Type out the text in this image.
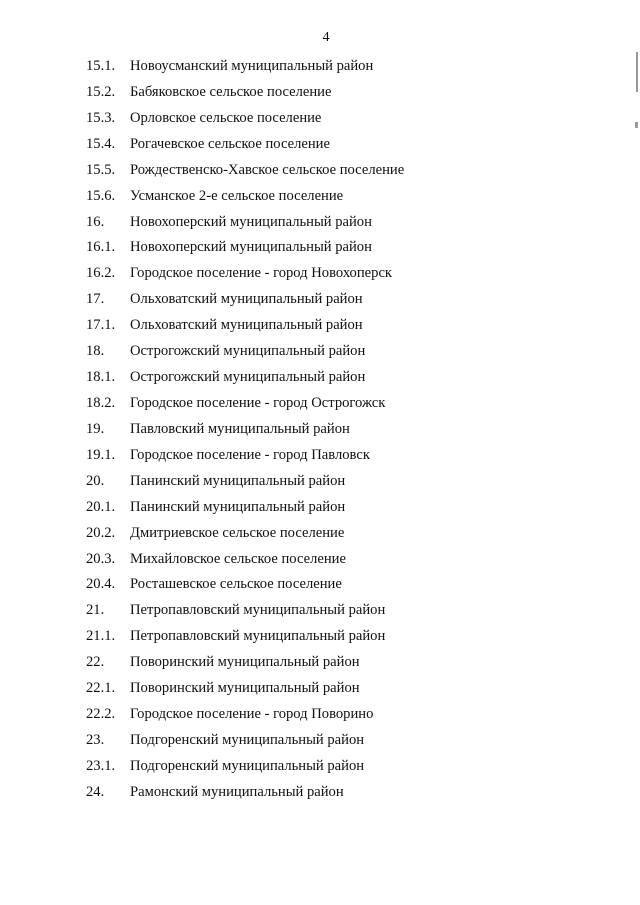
4
15.1.	Новоусманский муниципальный район
15.2.	Бабяковское сельское поселение
15.3.	Орловское сельское поселение
15.4.	Рогачевское сельское поселение
15.5.	Рождественско-Хавское сельское поселение
15.6.	Усманское 2-е сельское поселение
16.	Новохоперский муниципальный район
16.1.	Новохоперский муниципальный район
16.2.	Городское поселение - город Новохоперск
17.	Ольховатский муниципальный район
17.1.	Ольховатский муниципальный район
18.	Острогожский муниципальный район
18.1.	Острогожский муниципальный район
18.2.	Городское поселение - город Острогожск
19.	Павловский муниципальный район
19.1.	Городское поселение - город Павловск
20.	Панинский муниципальный район
20.1.	Панинский муниципальный район
20.2.	Дмитриевское сельское поселение
20.3.	Михайловское сельское поселение
20.4.	Росташевское сельское поселение
21.	Петропавловский муниципальный район
21.1.	Петропавловский муниципальный район
22.	Поворинский муниципальный район
22.1.	Поворинский муниципальный район
22.2.	Городское поселение - город Поворино
23.	Подгоренский муниципальный район
23.1.	Подгоренский муниципальный район
24.	Рамонский муниципальный район
